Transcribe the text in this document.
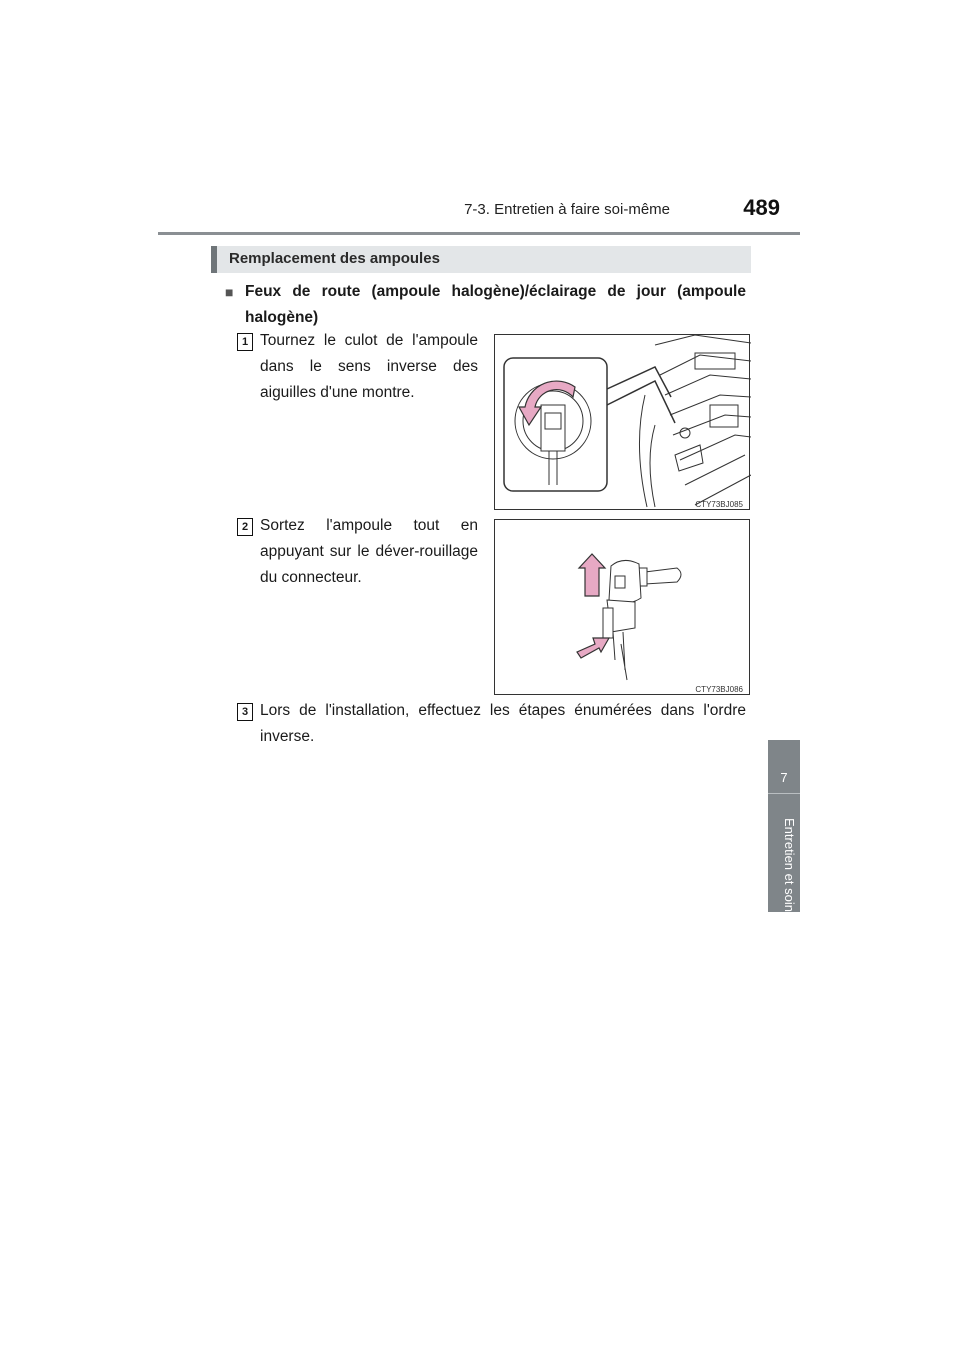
7-3. Entretien à faire soi-même	489
7
Entretien et soin
Remplacement des ampoules
■ Feux de route (ampoule halogène)/éclairage de jour (ampoule halogène)
1 Tournez le culot de l'ampoule dans le sens inverse des aiguilles d'une montre.
CTY73BJ085
2 Sortez l'ampoule tout en appuyant sur le déver-rouillage du connecteur.
CTY73BJ086
3 Lors de l'installation, effectuez les étapes énumérées dans l'ordre inverse.
